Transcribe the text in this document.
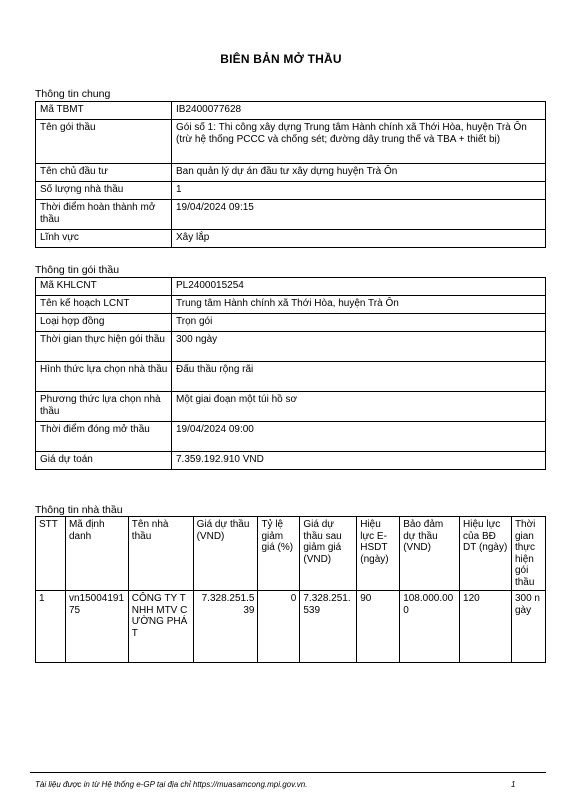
BIÊN BẢN MỞ THẦU
Thông tin chung
Mã TBMT	IB2400077628
Tên gói thầu	Gói số 1: Thi công xây dựng Trung tâm Hành chính xã Thới Hòa, huyện Trà Ôn (trừ hệ thống PCCC và chống sét; đường dây trung thế và TBA + thiết bị)
Tên chủ đầu tư	Ban quản lý dự án đầu tư xây dựng huyện Trà Ôn
Số lượng nhà thầu	1
Thời điểm hoàn thành mở thầu	19/04/2024 09:15
Lĩnh vực	Xây lắp
Thông tin gói thầu
Mã KHLCNT	PL2400015254
Tên kế hoạch LCNT	Trung tâm Hành chính xã Thới Hòa, huyện Trà Ôn
Loại hợp đồng	Trọn gói
Thời gian thực hiện gói thầu	300 ngày
Hình thức lựa chọn nhà thầu	Đấu thầu rộng rãi
Phương thức lựa chọn nhà thầu	Một giai đoạn một túi hồ sơ
Thời điểm đóng mở thầu	19/04/2024 09:00
Giá dự toán	7.359.192.910 VND
Thông tin nhà thầu
STT	Mã định danh	Tên nhà thầu	Giá dự thầu (VND)	Tỷ lệ giảm giá (%)	Giá dự thầu sau giảm giá (VND)	Hiệu lực E-HSDT (ngày)	Bảo đảm dự thầu (VND)	Hiệu lực của BĐ DT (ngày)	Thời gian thực hiện gói thầu
1	vn1500419175	CÔNG TY TNHH MTV CƯỜNG PHÁT	7.328.251.539	0	7.328.251.539	90	108.000.000	120	300 ngày
Tài liệu được in từ Hệ thống e-GP tại địa chỉ https://muasamcong.mpi.gov.vn.	1
